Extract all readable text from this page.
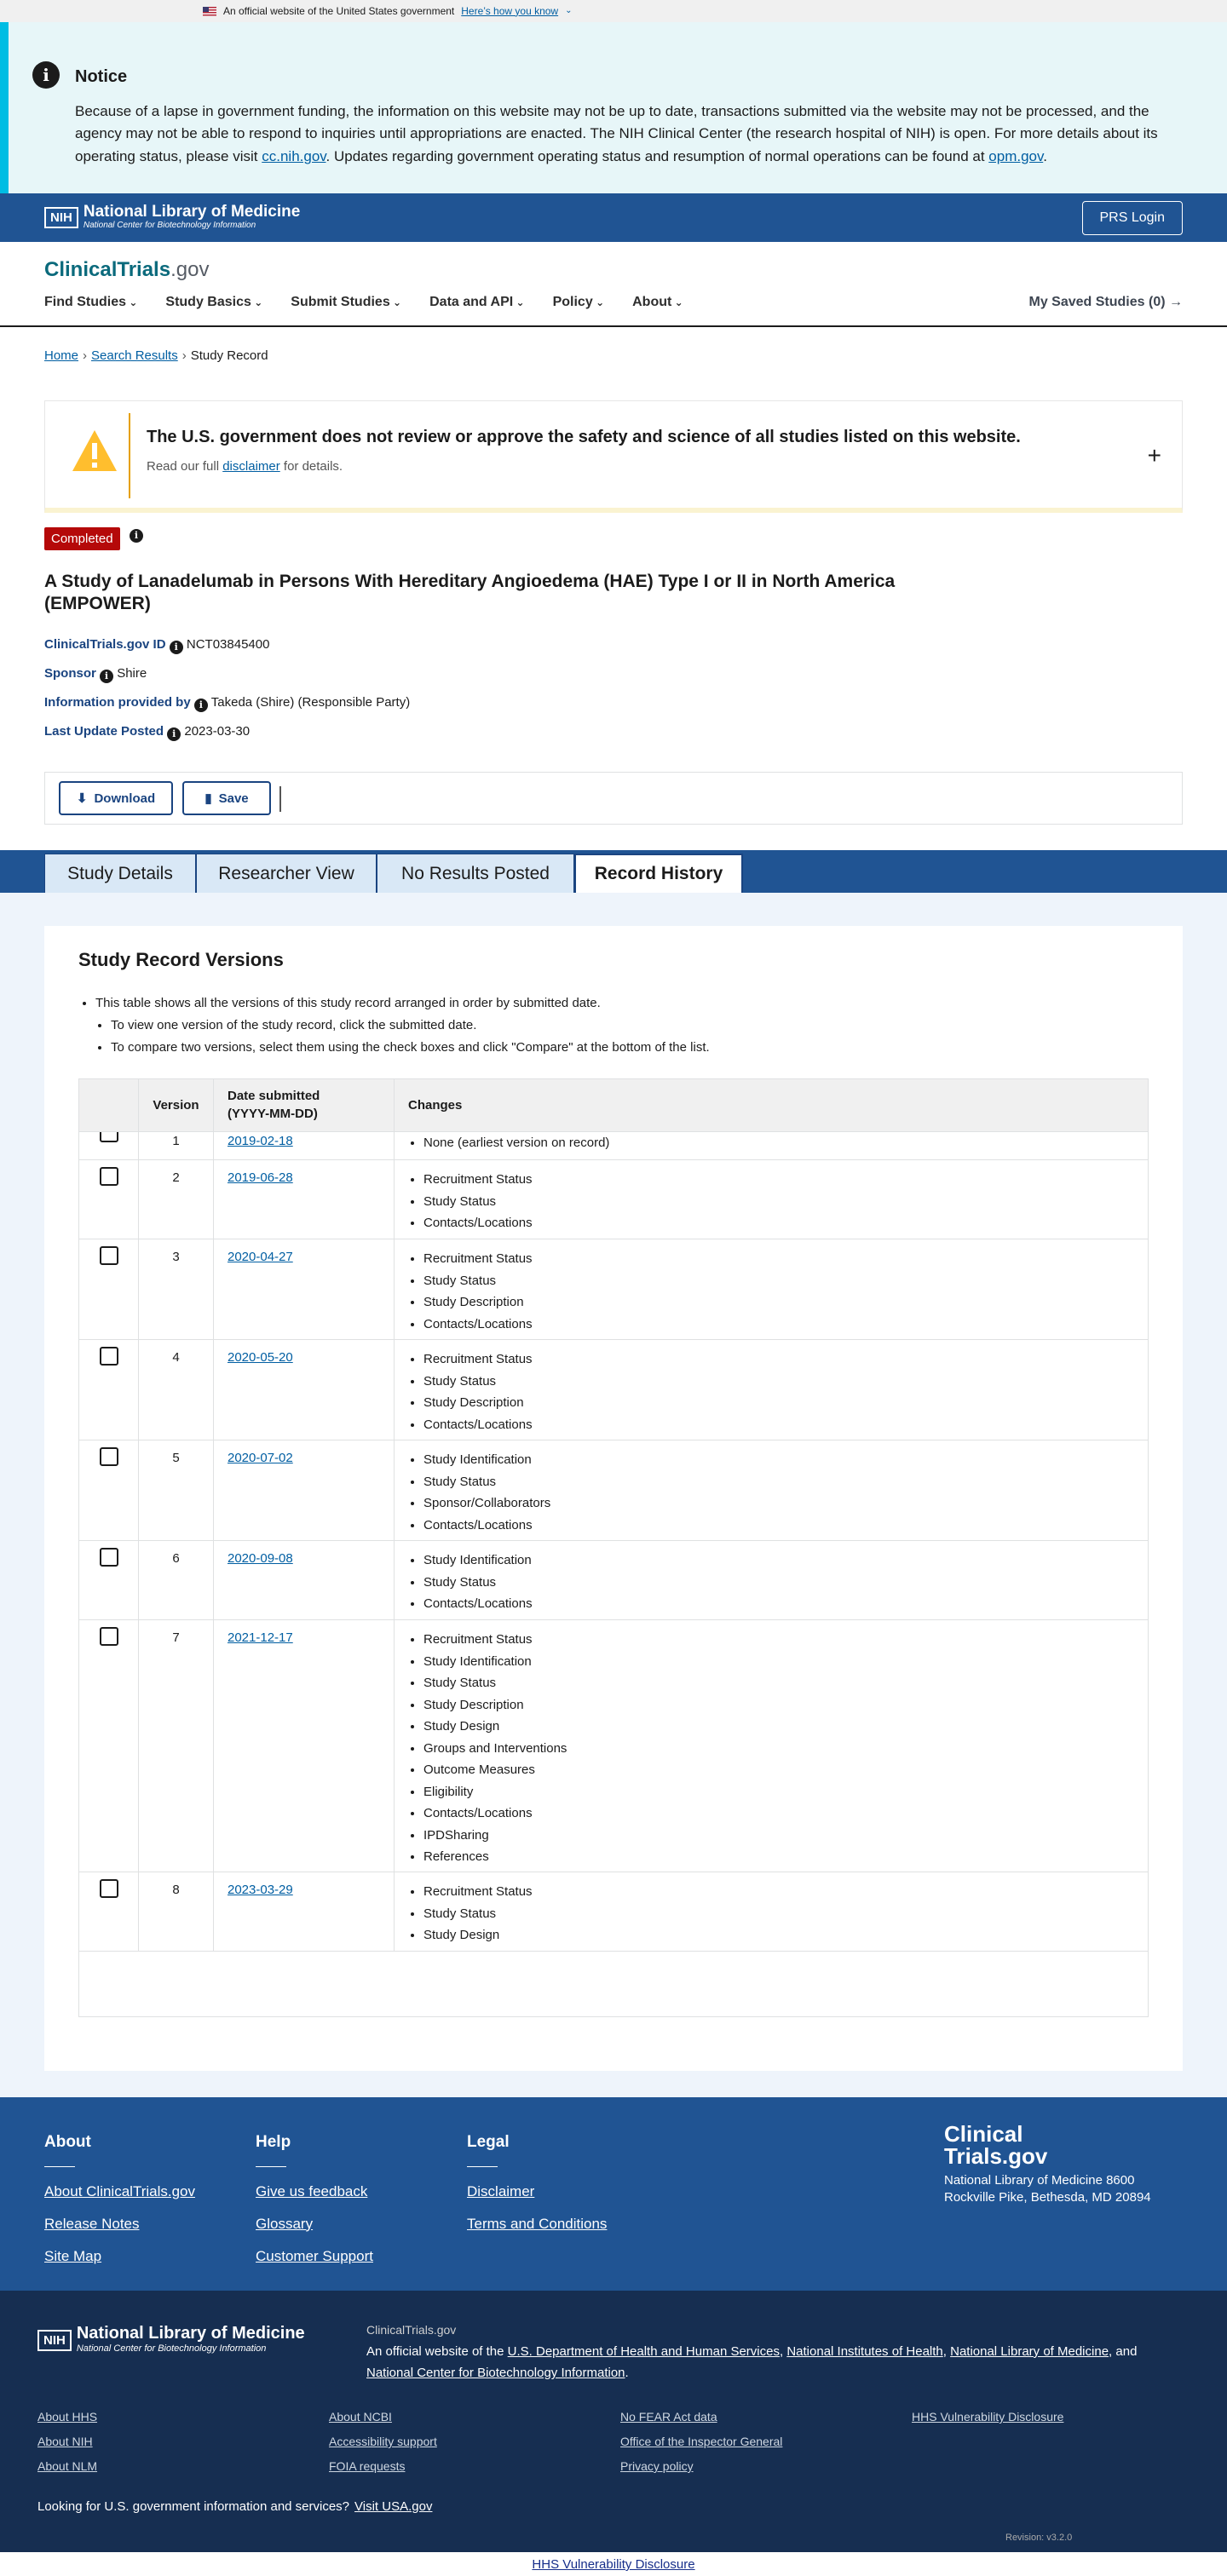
An official website of the United States government Here’s how you know ⌄
i	Notice

Because of a lapse in government funding, the information on this website may not be up to date, transactions submitted via the website may not be processed, and the agency may not be able to respond to inquiries until appropriations are enacted. The NIH Clinical Center (the research hospital of NIH) is open. For more details about its operating status, please visit cc.nih.gov. Updates regarding government operating status and resumption of normal operations can be found at opm.gov.

NIH National Library of Medicine
National Center for Biotechnology Information
PRS Login
ClinicalTrials.gov
Find Studies ⌄	Study Basics ⌄	Submit Studies ⌄	Data and API ⌄	Policy ⌄	About ⌄	My Saved Studies (0) →
Home › Search Results › Study Record
The U.S. government does not review or approve the safety and science of all studies listed on this website.

Read our full disclaimer for details.	+
Completed	i
A Study of Lanadelumab in Persons With Hereditary Angioedema (HAE) Type I or II in North America (EMPOWER)
ClinicalTrials.gov ID i NCT03845400
Sponsor i Shire
Information provided by i Takeda (Shire) (Responsible Party)
Last Update Posted i 2023-03-30
⬇ Download	▮ Save
Study Details	Researcher View	No Results Posted	Record History
Study Record Versions
• This table shows all the versions of this study record arranged in order by submitted date.
• To view one version of the study record, click the submitted date.
• To compare two versions, select them using the check boxes and click "Compare" at the bottom of the list.
Version
Date submitted
(YYYY-MM-DD)
Changes
1	2019-02-18	• None (earliest version on record)
2	2019-06-28	• Recruitment Status
• Study Status
• Contacts/Locations
3	2020-04-27	• Recruitment Status
• Study Status
• Study Description
• Contacts/Locations
4	2020-05-20	• Recruitment Status
• Study Status
• Study Description
• Contacts/Locations
5	2020-07-02	• Study Identification
• Study Status
• Sponsor/Collaborators
• Contacts/Locations
6	2020-09-08	• Study Identification
• Study Status
• Contacts/Locations
7	2021-12-17	• Recruitment Status
• Study Identification
• Study Status
• Study Description
• Study Design
• Groups and Interventions
• Outcome Measures
• Eligibility
• Contacts/Locations
• IPDSharing
• References
8	2023-03-29	• Recruitment Status
• Study Status
• Study Design
About
About ClinicalTrials.gov
Release Notes
Site Map
Help
Give us feedback
Glossary
Customer Support
Legal
Disclaimer
Terms and Conditions
Clinical
Trials.gov
National Library of Medicine 8600 Rockville Pike, Bethesda, MD 20894
NIH National Library of Medicine
National Center for Biotechnology Information
ClinicalTrials.gov
An official website of the U.S. Department of Health and Human Services, National Institutes of Health, National Library of Medicine, and National Center for Biotechnology Information.
About HHS
About NIH
About NLM
About NCBI
Accessibility support
FOIA requests
No FEAR Act data
Office of the Inspector General
Privacy policy
HHS Vulnerability Disclosure
Looking for U.S. government information and services? Visit USA.gov
Revision: v3.2.0
HHS Vulnerability Disclosure
